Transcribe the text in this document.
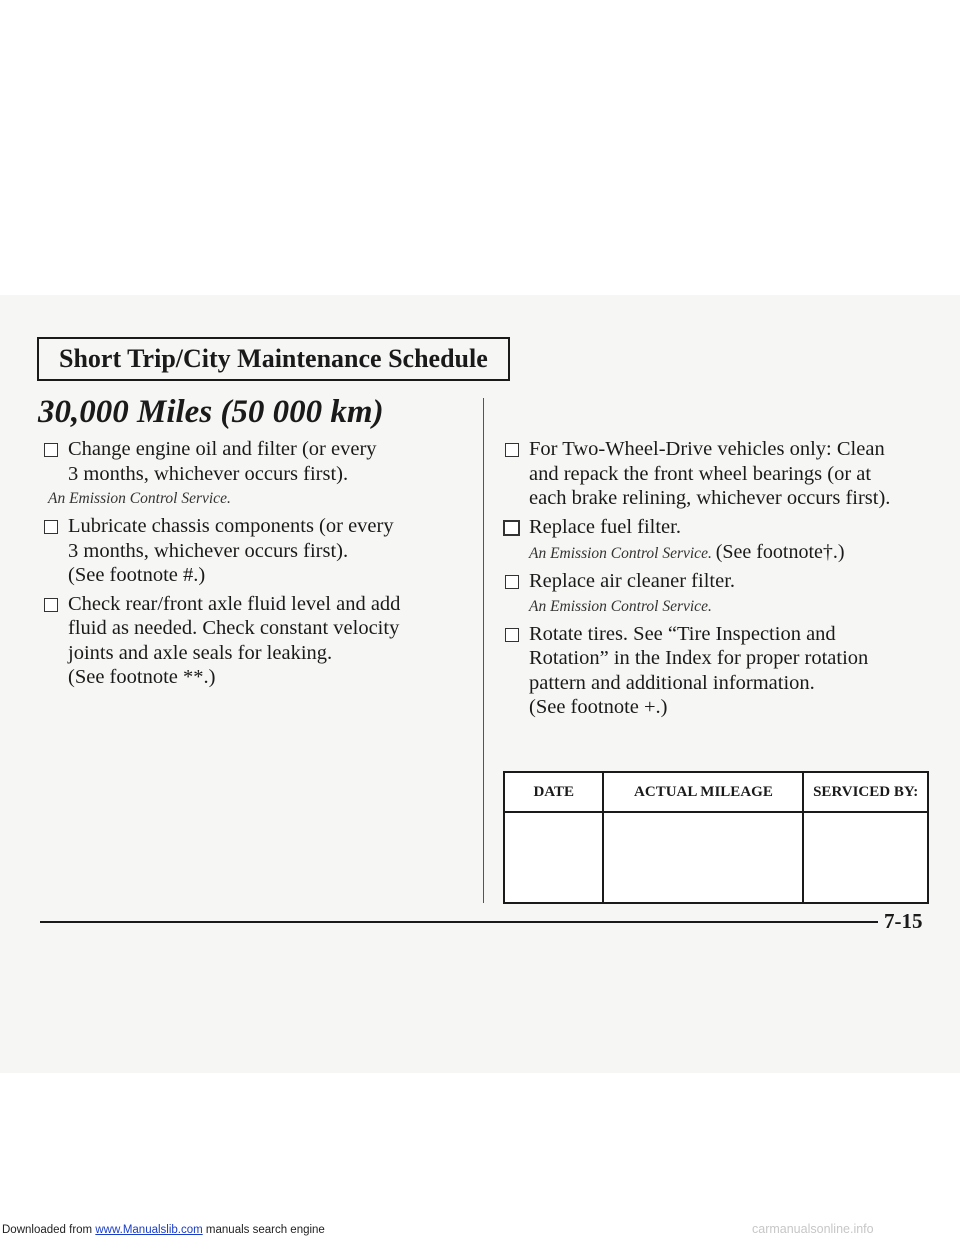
Short Trip/City Maintenance Schedule
30,000 Miles (50 000 km)
Change engine oil and filter (or every
3 months, whichever occurs first).
An Emission Control Service.
Lubricate chassis components (or every
3 months, whichever occurs first).
(See footnote #.)
Check rear/front axle fluid level and add
fluid as needed. Check constant velocity
joints and axle seals for leaking.
(See footnote **.)
For Two-Wheel-Drive vehicles only: Clean
and repack the front wheel bearings (or at
each brake relining, whichever occurs first).
Replace fuel filter.
An Emission Control Service. (See footnote†.)
Replace air cleaner filter.
An Emission Control Service.
Rotate tires. See “Tire Inspection and
Rotation” in the Index for proper rotation
pattern and additional information.
(See footnote +.)
DATE	ACTUAL MILEAGE	SERVICED BY:

7-15
Downloaded from www.Manualslib.com manuals search engine	carmanualsonline.info
